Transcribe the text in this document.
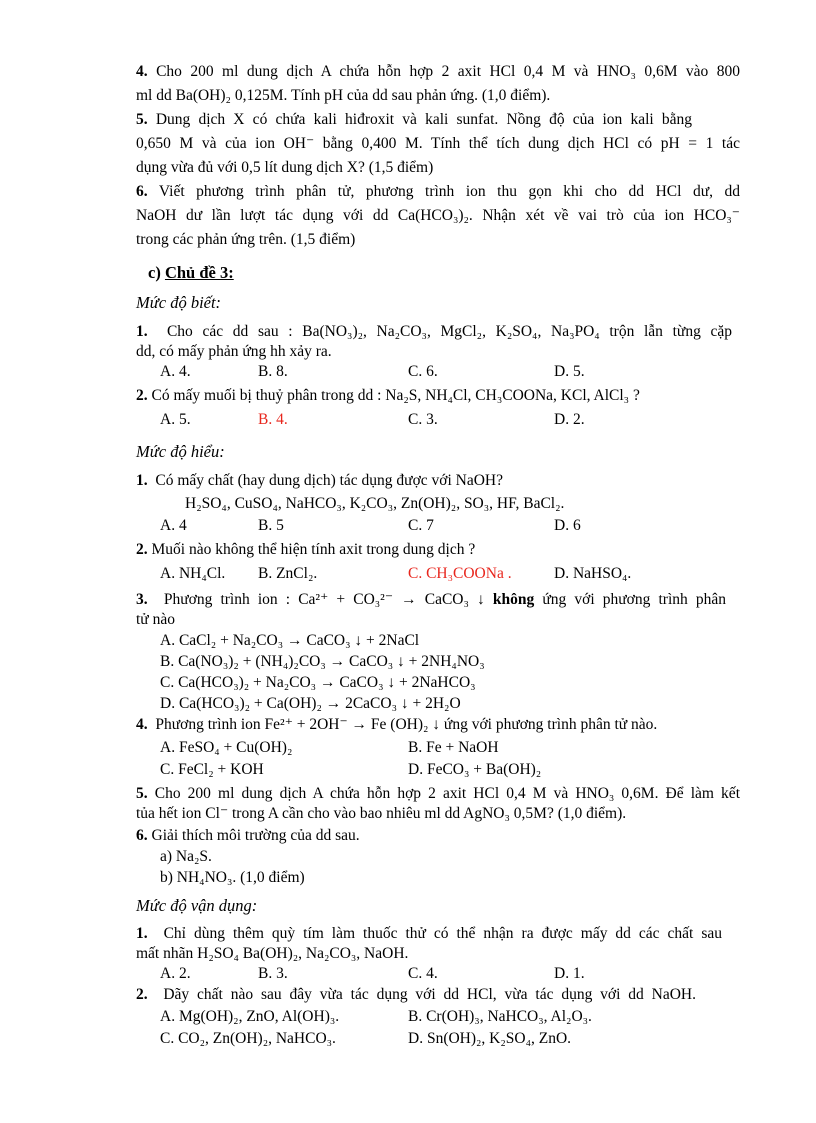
4. Cho 200 ml dung dịch A chứa hỗn hợp 2 axit HCl 0,4 M và HNO₃ 0,6M vào 800
ml dd Ba(OH)₂ 0,125M. Tính pH của dd sau phản ứng. (1,0 điểm).
5. Dung dịch X có chứa kali hiđroxit và kali sunfat. Nồng độ của ion kali bằng
0,650 M và của ion OH⁻ bằng 0,400 M. Tính thể tích dung dịch HCl có pH = 1 tác
dụng vừa đủ với 0,5 lít dung dịch X? (1,5 điểm)
6. Viết phương trình phân tử, phương trình ion thu gọn khi cho dd HCl dư, dd
NaOH dư lần lượt tác dụng với dd Ca(HCO₃)₂. Nhận xét về vai trò của ion HCO₃⁻
trong các phản ứng trên. (1,5 điểm)
c) Chủ đề 3:
Mức độ biết:
1. Cho các dd sau : Ba(NO₃)₂, Na₂CO₃, MgCl₂, K₂SO₄, Na₃PO₄ trộn lẫn từng cặp
dd, có mấy phản ứng hh xảy ra.
A. 4.	B. 8.	C. 6.	D. 5.
2. Có mấy muối bị thuỷ phân trong dd : Na₂S, NH₄Cl, CH₃COONa, KCl, AlCl₃ ?
A. 5.	B. 4.	C. 3.	D. 2.
Mức độ hiểu:
1. Có mấy chất (hay dung dịch) tác dụng được với NaOH?
H₂SO₄, CuSO₄, NaHCO₃, K₂CO₃, Zn(OH)₂, SO₃, HF, BaCl₂.
A. 4	B. 5	C. 7	D. 6
2. Muối nào không thể hiện tính axit trong dung dịch ?
A. NH₄Cl. B. ZnCl₂.	C. CH₃COONa .	D. NaHSO₄.
3. Phương trình ion : Ca²⁺ + CO₃²⁻ → CaCO₃ ↓ không ứng với phương trình phân
tử nào
A. CaCl₂ + Na₂CO₃ → CaCO₃ ↓ + 2NaCl
B. Ca(NO₃)₂ + (NH₄)₂CO₃ → CaCO₃ ↓ + 2NH₄NO₃
C. Ca(HCO₃)₂ + Na₂CO₃ → CaCO₃ ↓ + 2NaHCO₃
D. Ca(HCO₃)₂ + Ca(OH)₂ → 2CaCO₃ ↓ + 2H₂O
4. Phương trình ion Fe²⁺ + 2OH⁻ → Fe (OH)₂ ↓ ứng với phương trình phân tử nào.
A. FeSO₄ + Cu(OH)₂	B. Fe + NaOH
C. FeCl₂ + KOH	D. FeCO₃ + Ba(OH)₂
5. Cho 200 ml dung dịch A chứa hỗn hợp 2 axit HCl 0,4 M và HNO₃ 0,6M. Để làm kết
tủa hết ion Cl⁻ trong A cần cho vào bao nhiêu ml dd AgNO₃ 0,5M? (1,0 điểm).
6. Giải thích môi trường của dd sau.
a) Na₂S.
b) NH₄NO₃. (1,0 điểm)
Mức độ vận dụng:
1. Chỉ dùng thêm quỳ tím làm thuốc thử có thể nhận ra được mấy dd các chất sau
mất nhãn H₂SO₄ Ba(OH)₂, Na₂CO₃, NaOH.
A. 2.	B. 3.	C. 4.	D. 1.
2. Dãy chất nào sau đây vừa tác dụng với dd HCl, vừa tác dụng với dd NaOH.
A. Mg(OH)₂, ZnO, Al(OH)₃.	B. Cr(OH)₃, NaHCO₃, Al₂O₃.
C. CO₂, Zn(OH)₂, NaHCO₃.	D. Sn(OH)₂, K₂SO₄, ZnO.
